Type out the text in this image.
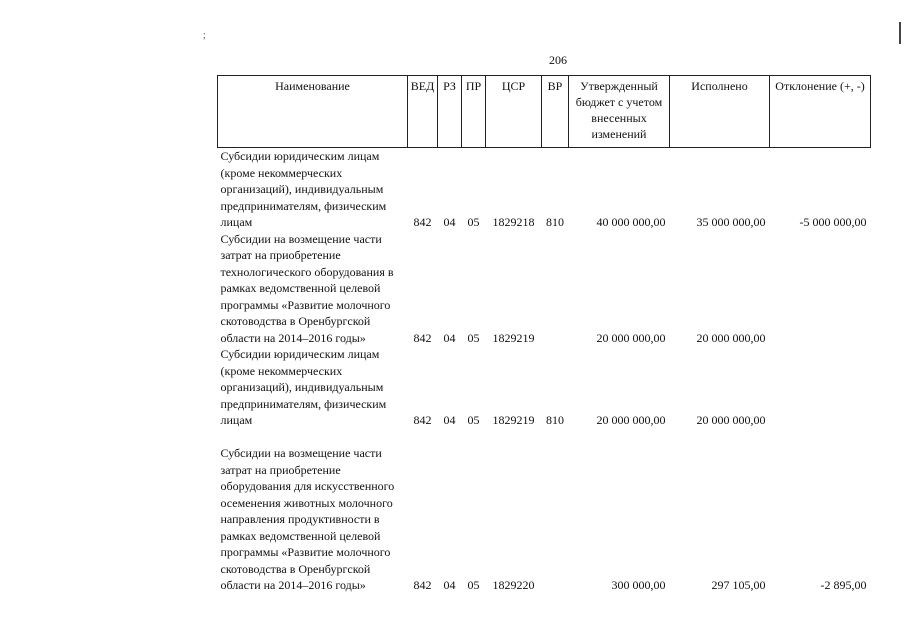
;
206
Наименование	ВЕД	РЗ	ПР	ЦСР	ВР	Утвержденный бюджет с учетом внесенных изменений	Исполнено	Отклонение (+, -)
Субсидии юридическим лицам (кроме некоммерческих организаций), индивидуальным предпринимателям, физическим лицам	842	04	05	1829218	810	40 000 000,00	35 000 000,00	-5 000 000,00
Субсидии на возмещение части затрат на приобретение технологического оборудования в рамках ведомственной целевой программы «Развитие молочного скотоводства в Оренбургской области на 2014–2016 годы»	842	04	05	1829219		20 000 000,00	20 000 000,00	
Субсидии юридическим лицам (кроме некоммерческих организаций), индивидуальным предпринимателям, физическим лицам	842	04	05	1829219	810	20 000 000,00	20 000 000,00	
Субсидии на возмещение части затрат на приобретение оборудования для искусственного осеменения животных молочного направления продуктивности в рамках ведомственной целевой программы «Развитие молочного скотоводства в Оренбургской области на 2014–2016 годы»	842	04	05	1829220		300 000,00	297 105,00	-2 895,00
